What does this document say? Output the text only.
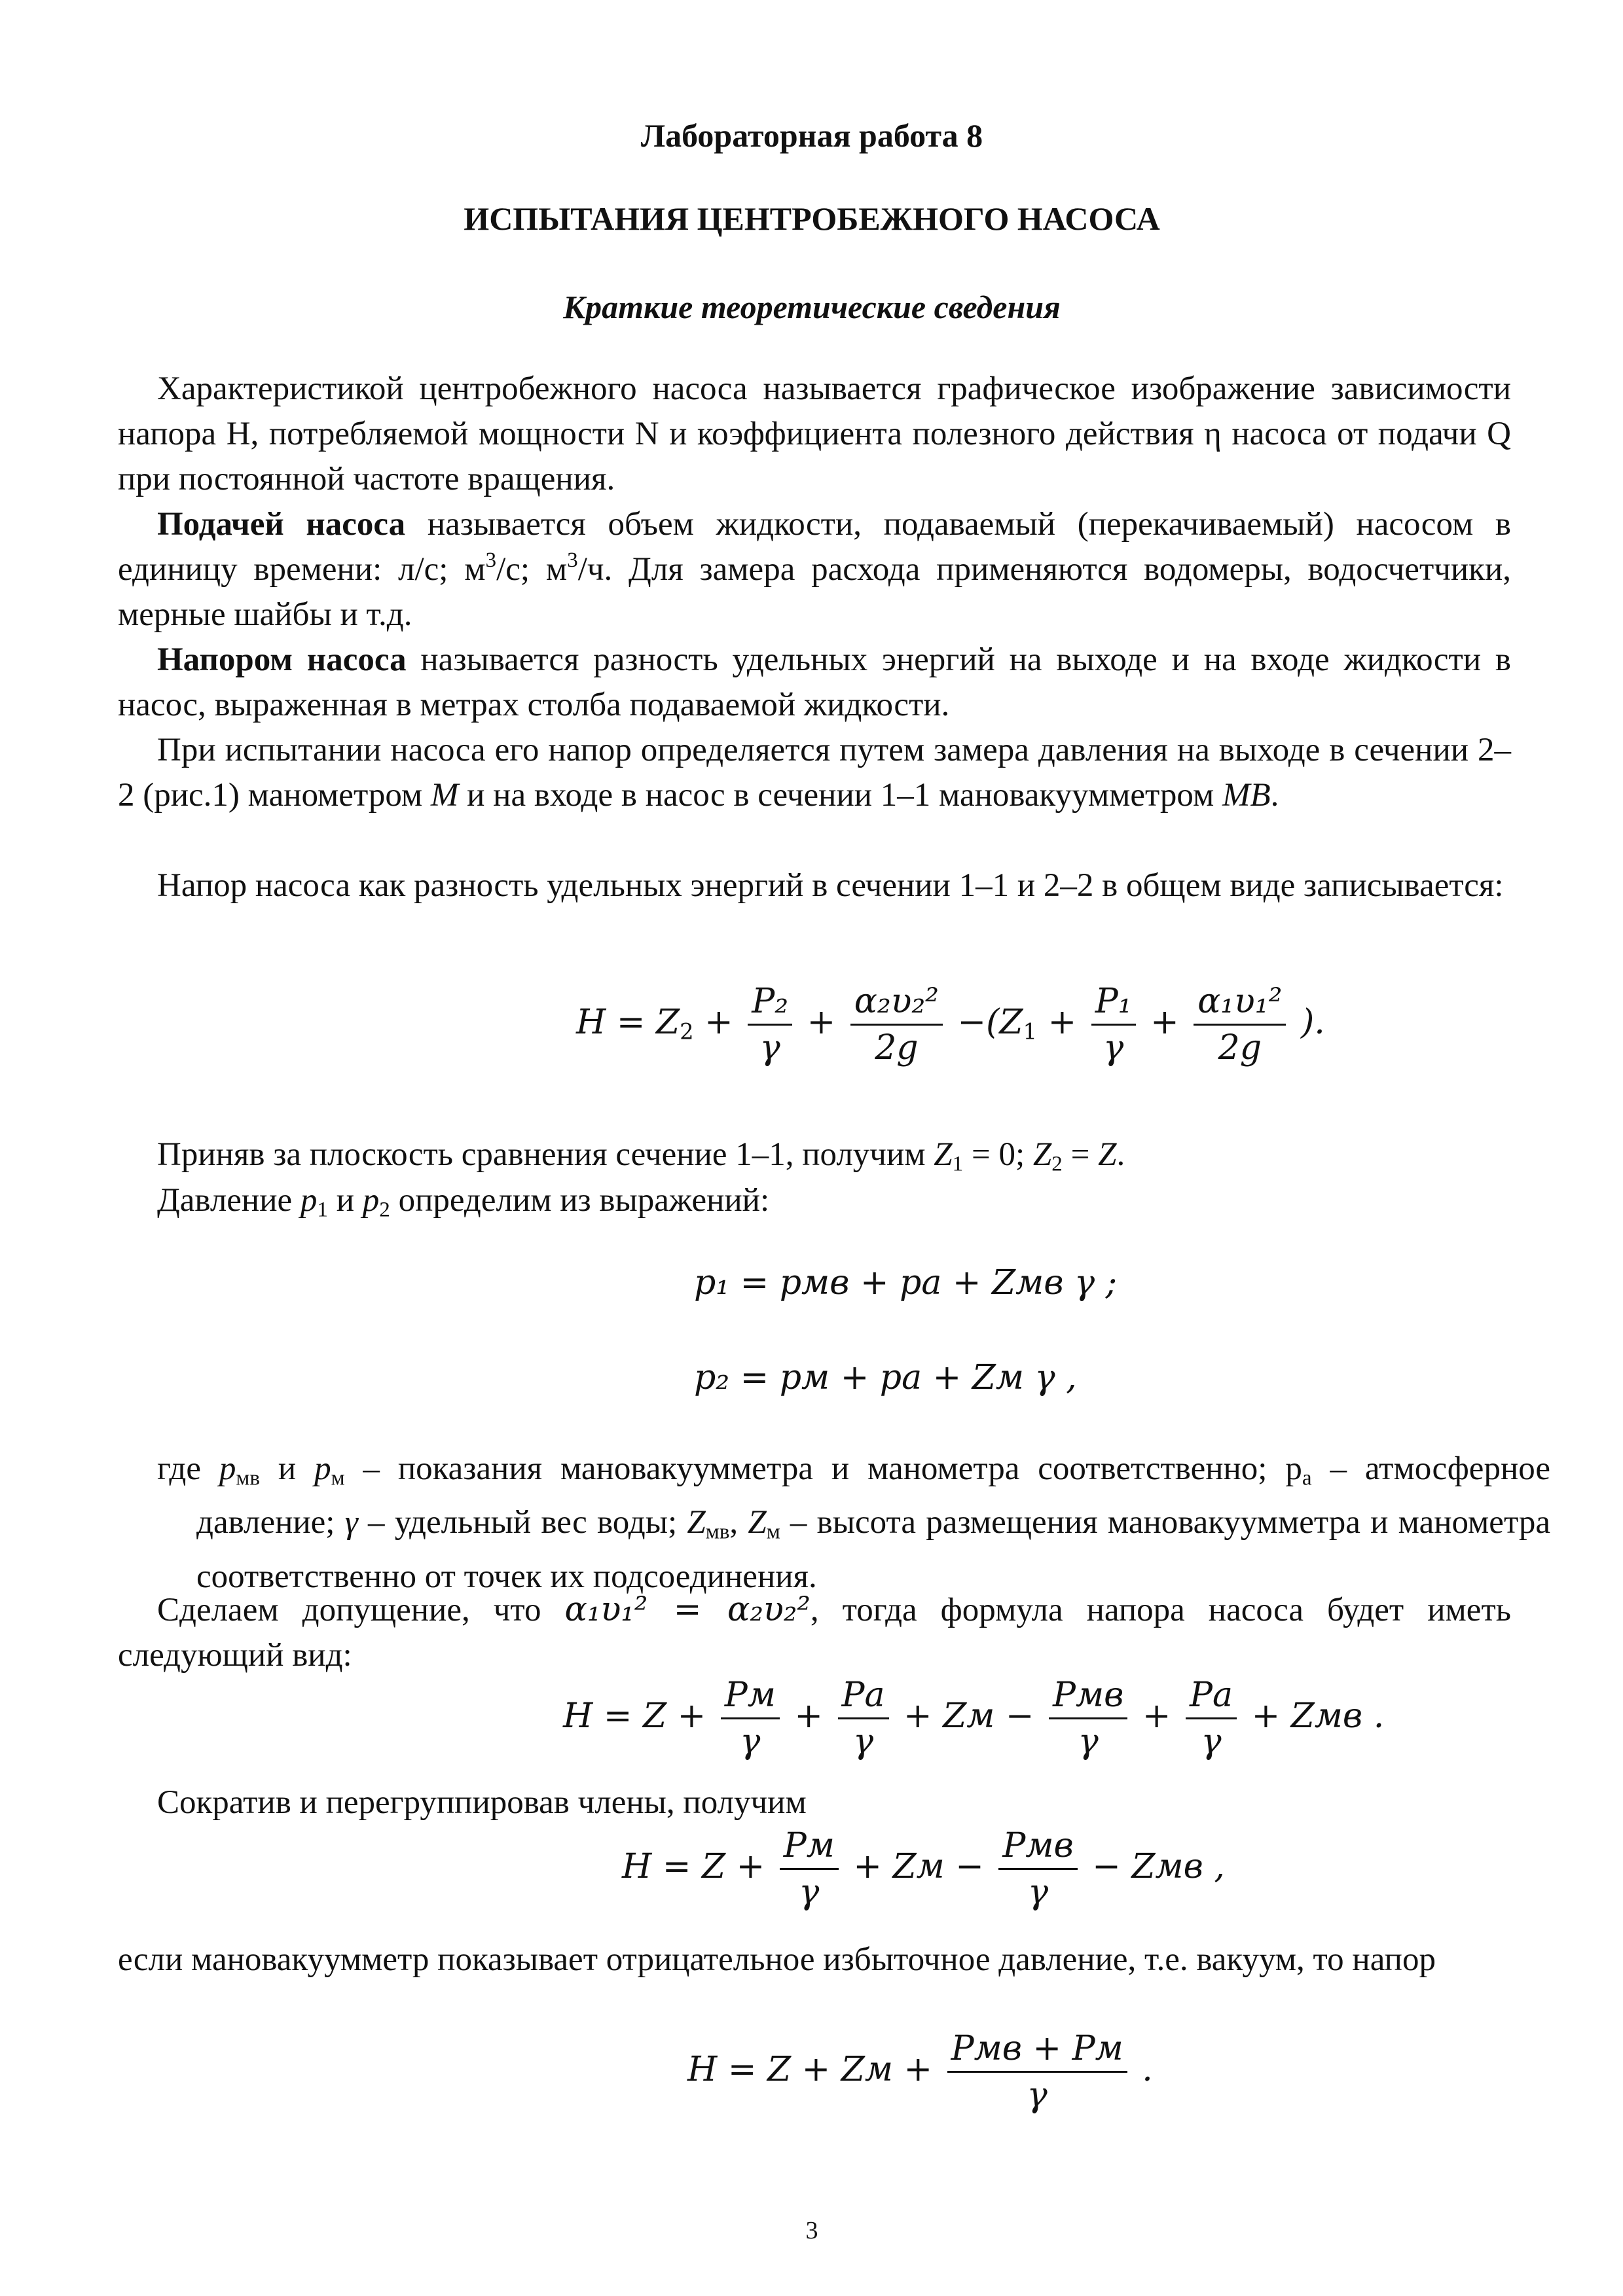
Лабораторная работа 8
ИСПЫТАНИЯ ЦЕНТРОБЕЖНОГО НАСОСА
Краткие теоретические сведения

Характеристикой центробежного насоса называется графическое изображение зависимости напора Н, потребляемой мощности N и коэффициента полезного действия η насоса от подачи Q при постоянной частоте вращения.

Подачей насоса называется объем жидкости, подаваемый (перекачиваемый) насосом в единицу времени: л/с; $м^3/с$; $м^3/ч$. Для замера расхода применяются водомеры, водосчетчики, мерные шайбы и т.д.

Напором насоса называется разность удельных энергий на выходе и на входе жидкости в насос, выраженная в метрах столба подаваемой жидкости.

При испытании насоса его напор определяется путем замера давления на выходе в сечении 2–2 (рис.1) манометром М и на входе в насос в сечении 1–1 мановакуумметром МВ.

Напор насоса как разность удельных энергий в сечении 1–1 и 2–2 в общем виде записывается:

$H = Z_2 + \frac{\text{P₂}}{\gamma} + \frac{\text{α₂υ₂²}}{2g} -(Z_1 + \frac{\text{P₁}}{\gamma} + \frac{\text{α₁υ₁²}}{2g}$ ).

Приняв за плоскость сравнения сечение 1–1, получим $Z_1 = 0$; $Z_2 = Z$.

Давление $p_1$ и $p_2$ определим из выражений:

p₁ = pмв + pа + Zмв γ ;
p₂ = pм + pа + Zм γ ,

где $p_{мв}$ и $p_м$ – показания мановакуумметра и манометра соответственно; $p_а$ – атмосферное давление; γ – удельный вес воды; $Z_{мв}$, $Z_м$ – высота размещения мановакуумметра и манометра соответственно от точек их подсоединения.

Сделаем допущение, что α₁υ₁² = α₂υ₂², тогда формула напора насоса будет иметь следующий вид:

$H = Z + \frac{Pм}{\gamma} + \frac{Pа}{\gamma}$ + Zм − $\frac{\text{Pмв}}{\gamma} + \frac{Pа}{\gamma}$ + Zмв .

Сократив и перегруппировав члены, получим

$H = Z + \frac{Pм}{\gamma}$ + Zм − $\frac{\text{Pмв}}{\gamma}$ − Zмв ,

если мановакуумметр показывает отрицательное избыточное давление, т.е. вакуум, то напор

H = Z + Zм + $\frac{\text{Pмв + Pм}}{\gamma}$ .
3
